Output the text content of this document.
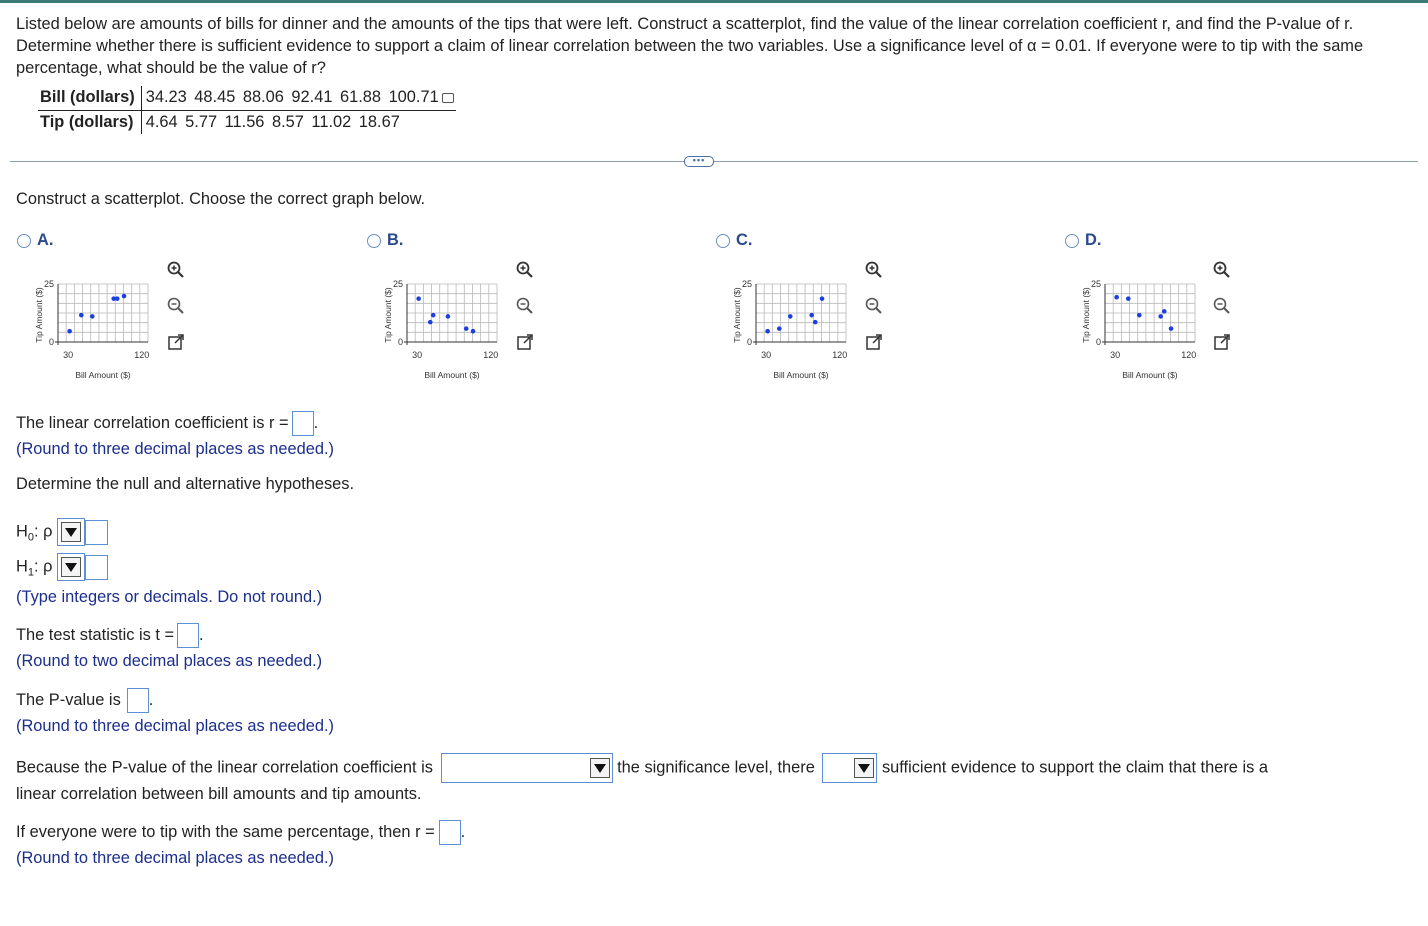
Listed below are amounts of bills for dinner and the amounts of the tips that were left. Construct a scatterplot, find the value of the linear correlation coefficient r, and find the P-value of r. Determine whether there is sufficient evidence to support a claim of linear correlation between the two variables. Use a significance level of α = 0.01. If everyone were to tip with the same percentage, what should be the value of r?
Bill (dollars)	34.23 48.45 88.06 92.41 61.88 100.71
Tip (dollars)	4.64 5.77 11.56 8.57 11.02 18.67
•••
Construct a scatterplot. Choose the correct graph below.
A.	B.	C.	D.
25
0
30	120
Bill Amount ($)
Tip Amount ($)
25
0
30	120
Bill Amount ($)
Tip Amount ($)
25
0
30	120
Bill Amount ($)
Tip Amount ($)
25
0
30	120
Bill Amount ($)
Tip Amount ($)
The linear correlation coefficient is r = .
(Round to three decimal places as needed.)
Determine the null and alternative hypotheses.
$H_0$: ρ
$H_1$: ρ
(Type integers or decimals. Do not round.)
The test statistic is t = .
(Round to two decimal places as needed.)
The P-value is .
(Round to three decimal places as needed.)
Because the P-value of the linear correlation coefficient is	the significance level, there	sufficient evidence to support the claim that there is a
linear correlation between bill amounts and tip amounts.
If everyone were to tip with the same percentage, then r = .
(Round to three decimal places as needed.)
